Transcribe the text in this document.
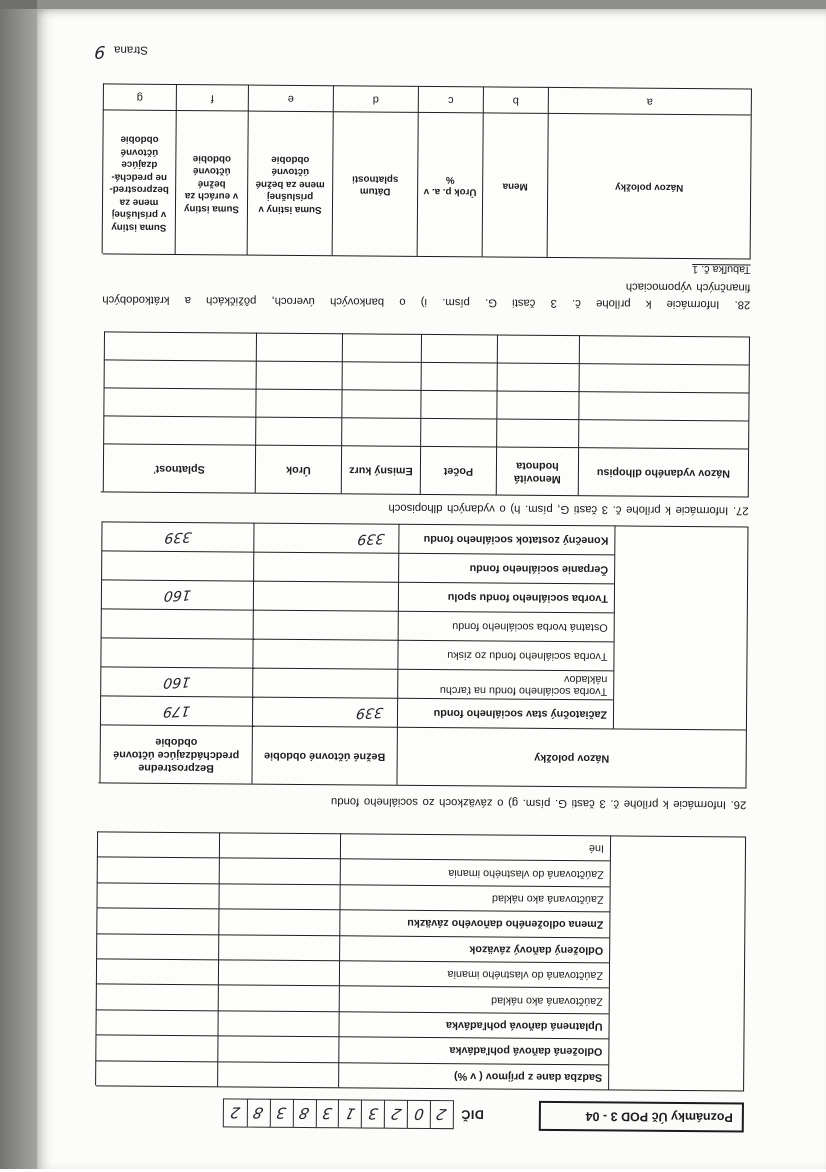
Poznámky Úč POD 3 - 04
DIČ
2
0
2
3
1
3
8
3
8
2
Sadzba dane z príjmov ( v %)
Odložená daňová pohľadávka
Uplatnená daňová pohľadávka
Zaúčtovaná ako náklad
Zaúčtovaná do vlastného imania
Odložený daňový záväzok
Zmena odloženého daňového záväzku
Zaúčtovaná ako náklad
Zaúčtovaná do vlastného imania
Iné
26. Informácie k prílohe č. 3 časti G. písm. g) o záväzkoch zo sociálneho fondu
Názov položky
Bežné účtovné obdobie
Bezprostredne predchádzajúce účtovné obdobie
Začiatočný stav sociálneho fondu
339
179
Tvorba sociálneho fondu na ťarchu nákladov
160
Tvorba sociálneho fondu zo zisku
Ostatná tvorba sociálneho fondu
Tvorba sociálneho fondu spolu
160
Čerpanie sociálneho fondu
Konečný zostatok sociálneho fondu
339
339
27. Informácie k prílohe č. 3 časti G, písm. h) o vydaných dlhopisoch
Názov vydaného dlhopisu
Menovitá hodnota
Počet
Emisný kurz
Úrok
Splatnosť
28. Informácie k prílohe č. 3 časti G. písm. i) o bankových úveroch, pôžičkách a krátkodobých
finančných výpomociach
Tabuľka č. 1
Názov položky
Mena
Úrok p. a. v %
Dátum splatnosti
Suma istiny v príslušnej mene za bežné účtovné obdobie
Suma istiny v eurách za bežné účtovné obdobie
Suma istiny v príslušnej mene za bezprostred-ne predchá- dzajúce účtovné obdobie
a
b
c
d
e
f
g
Strana
9
